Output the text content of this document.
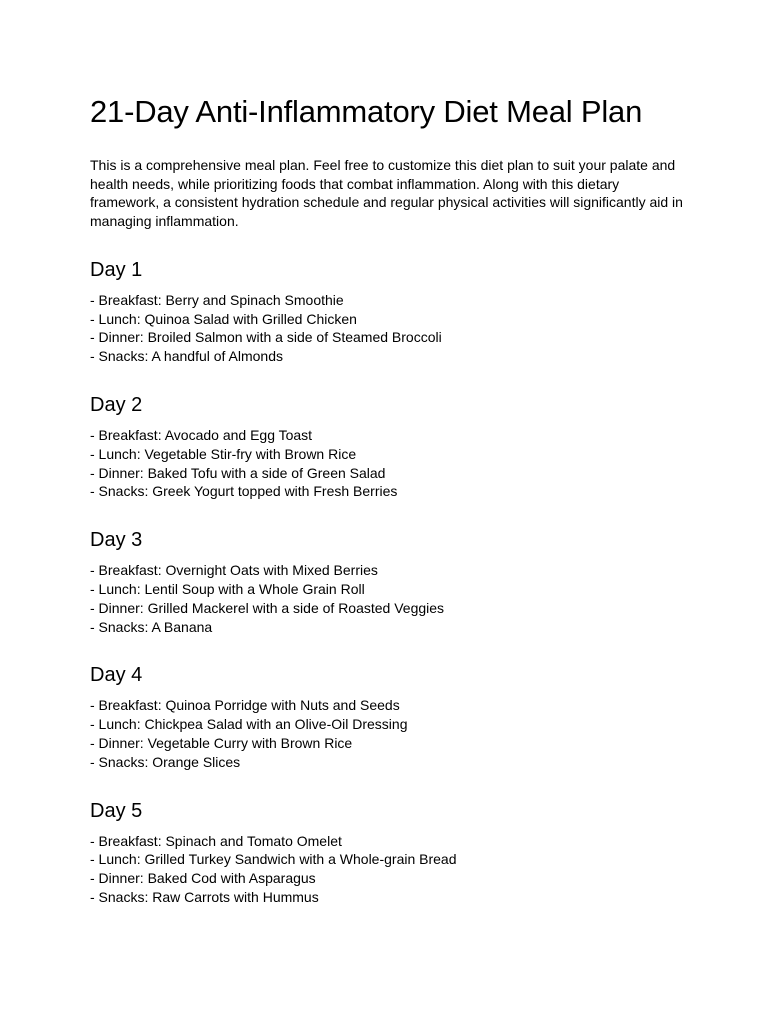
21-Day Anti-Inflammatory Diet Meal Plan

This is a comprehensive meal plan. Feel free to customize this diet plan to suit your palate and health needs, while prioritizing foods that combat inflammation. Along with this dietary framework, a consistent hydration schedule and regular physical activities will significantly aid in managing inflammation.

Day 1
- Breakfast: Berry and Spinach Smoothie
- Lunch: Quinoa Salad with Grilled Chicken
- Dinner: Broiled Salmon with a side of Steamed Broccoli
- Snacks: A handful of Almonds
Day 2
- Breakfast: Avocado and Egg Toast
- Lunch: Vegetable Stir-fry with Brown Rice
- Dinner: Baked Tofu with a side of Green Salad
- Snacks: Greek Yogurt topped with Fresh Berries
Day 3
- Breakfast: Overnight Oats with Mixed Berries
- Lunch: Lentil Soup with a Whole Grain Roll
- Dinner: Grilled Mackerel with a side of Roasted Veggies
- Snacks: A Banana
Day 4
- Breakfast: Quinoa Porridge with Nuts and Seeds
- Lunch: Chickpea Salad with an Olive-Oil Dressing
- Dinner: Vegetable Curry with Brown Rice
- Snacks: Orange Slices
Day 5
- Breakfast: Spinach and Tomato Omelet
- Lunch: Grilled Turkey Sandwich with a Whole-grain Bread
- Dinner: Baked Cod with Asparagus
- Snacks: Raw Carrots with Hummus
